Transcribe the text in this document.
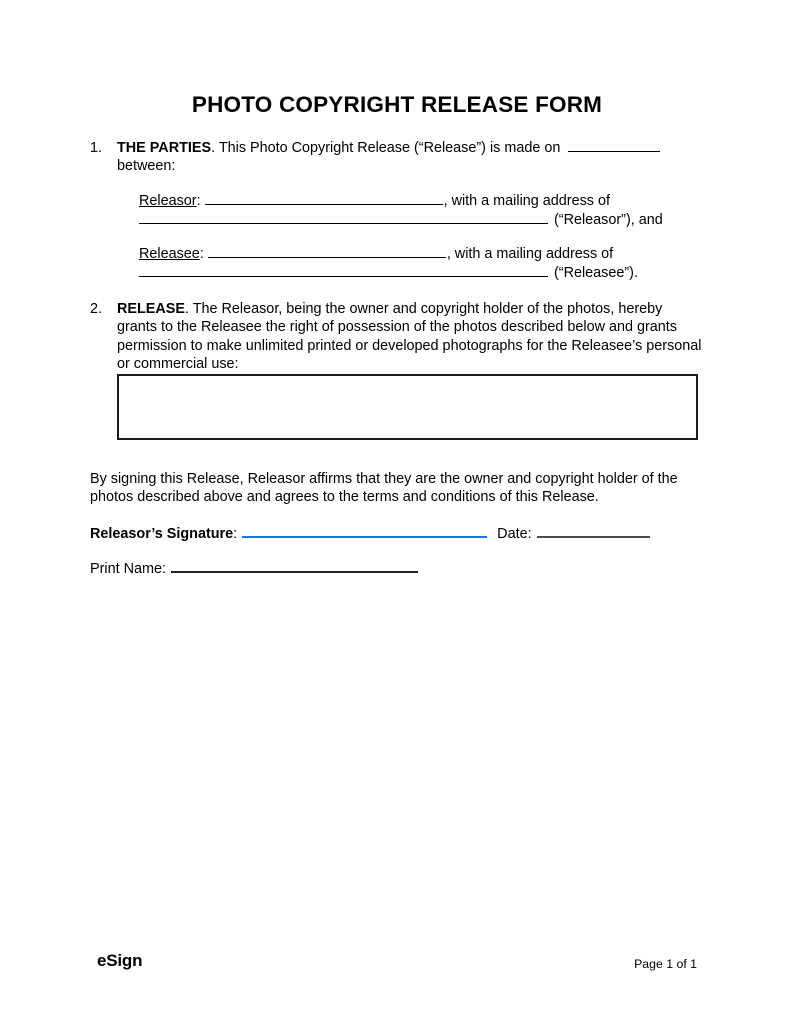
PHOTO COPYRIGHT RELEASE FORM
1.	THE PARTIES. This Photo Copyright Release (“Release”) is made on
between:
Releasor:	, with a mailing address of
(“Releasor”), and
Releasee:	, with a mailing address of
(“Releasee”).
2.	RELEASE. The Releasor, being the owner and copyright holder of the photos, hereby grants to the Releasee the right of possession of the photos described below and grants permission to make unlimited printed or developed photographs for the Releasee’s personal or commercial use:
By signing this Release, Releasor affirms that they are the owner and copyright holder of the photos described above and agrees to the terms and conditions of this Release.
Releasor’s Signature:	Date:
Print Name:
eSign	Page 1 of 1
